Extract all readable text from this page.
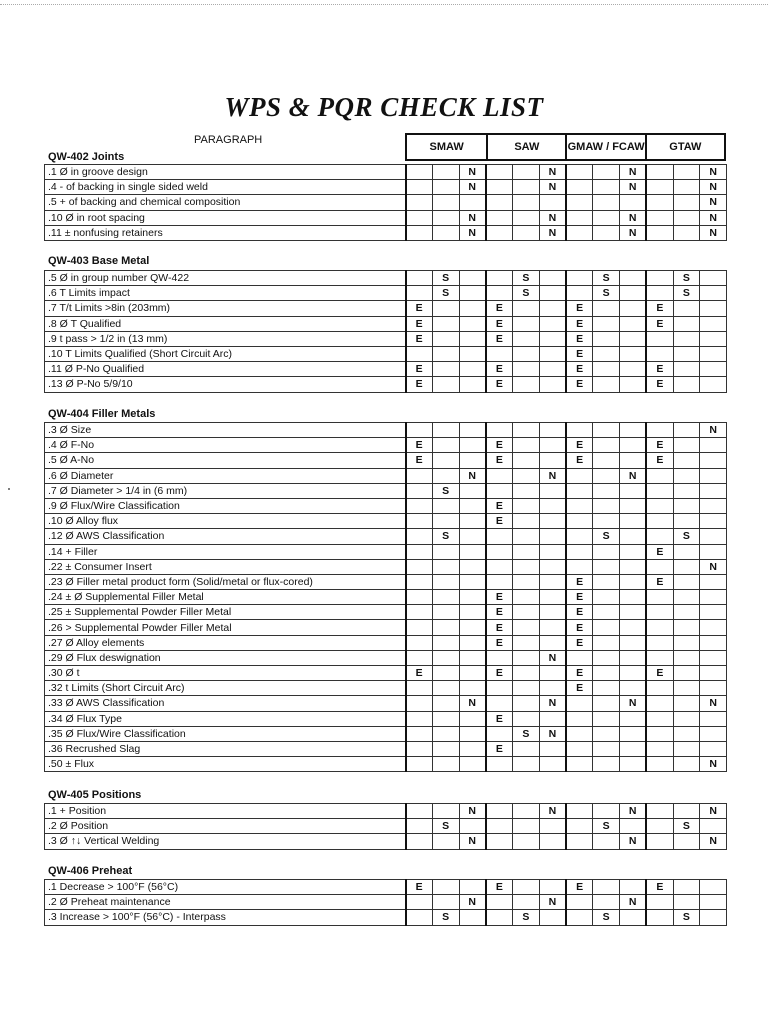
WPS & PQR CHECK LIST
PARAGRAPH
SMAW	SAW	GMAW / FCAW	GTAW
QW-402 Joints
.1 Ø in groove design			N			N			N			N
.4 - of backing in single sided weld			N			N			N			N
.5 + of backing and chemical composition												N
.10 Ø in root spacing			N			N			N			N
.11 ± nonfusing retainers			N			N			N			N
QW-403 Base Metal
.5 Ø in group number QW-422		S			S			S			S	
.6 T Limits impact		S			S			S			S	
.7 T/t Limits >8in (203mm)	E			E			E			E		
.8 Ø T Qualified	E			E			E			E		
.9 t pass > 1/2 in (13 mm)	E			E			E					
.10 T Limits Qualified (Short Circuit Arc)							E					
.11 Ø P-No Qualified	E			E			E			E		
.13 Ø P-No 5/9/10	E			E			E			E		
QW-404 Filler Metals
.3 Ø Size												N
.4 Ø F-No	E			E			E			E		
.5 Ø A-No	E			E			E			E		
.6 Ø Diameter			N			N			N			
.7 Ø Diameter > 1/4 in (6 mm)		S										
.9 Ø Flux/Wire Classification				E								
.10 Ø Alloy flux				E								
.12 Ø AWS Classification		S						S			S	
.14 + Filler										E		
.22 ± Consumer Insert												N
.23 Ø Filler metal product form (Solid/metal or flux-cored)							E			E		
.24 ± Ø Supplemental Filler Metal				E			E					
.25 ± Supplemental Powder Filler Metal				E			E					
.26 > Supplemental Powder Filler Metal				E			E					
.27 Ø Alloy elements				E			E					
.29 Ø Flux deswignation						N						
.30 Ø t	E			E			E			E		
.32 t Limits (Short Circuit Arc)							E					
.33 Ø AWS Classification			N			N			N			N
.34 Ø Flux Type				E								
.35 Ø Flux/Wire Classification					S	N						
.36 Recrushed Slag				E								
.50 ± Flux												N
QW-405 Positions
.1 + Position			N			N			N			N
.2 Ø Position		S						S			S	
.3 Ø ↑↓ Vertical Welding			N						N			N
QW-406 Preheat
.1 Decrease > 100°F (56°C)	E			E			E			E		
.2 Ø Preheat maintenance			N			N			N			
.3 Increase > 100°F (56°C) - Interpass		S			S			S			S	
